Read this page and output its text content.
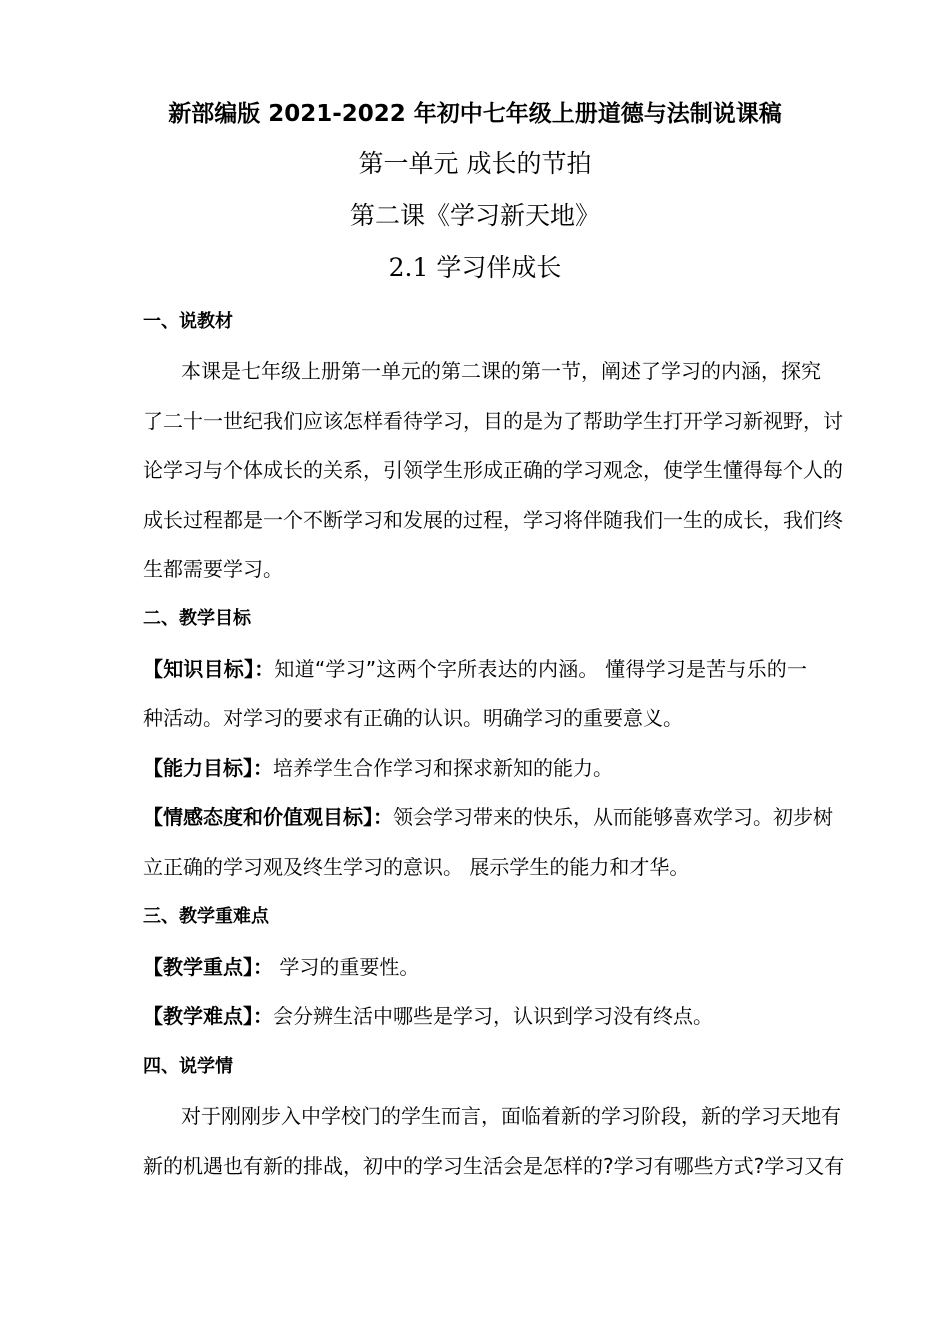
新部编版 2021-2022 年初中七年级上册道德与法制说课稿
第一单元 成长的节拍
第二课《学习新天地》
2.1 学习伴成长
一、说教材
本课是七年级上册第一单元的第二课的第一节，阐述了学习的内涵，探究
了二十一世纪我们应该怎样看待学习，目的是为了帮助学生打开学习新视野，讨
论学习与个体成长的关系，引领学生形成正确的学习观念，使学生懂得每个人的
成长过程都是一个不断学习和发展的过程，学习将伴随我们一生的成长，我们终
生都需要学习。
二、教学目标
【知识目标】：知道“学习”这两个字所表达的内涵。 懂得学习是苦与乐的一
种活动。对学习的要求有正确的认识。明确学习的重要意义。
【能力目标】：培养学生合作学习和探求新知的能力。
【情感态度和价值观目标】：领会学习带来的快乐，从而能够喜欢学习。初步树
立正确的学习观及终生学习的意识。 展示学生的能力和才华。
三、教学重难点
【教学重点】： 学习的重要性。
【教学难点】：会分辨生活中哪些是学习，认识到学习没有终点。
四、说学情
对于刚刚步入中学校门的学生而言，面临着新的学习阶段，新的学习天地有
新的机遇也有新的排战，初中的学习生活会是怎样的?学习有哪些方式?学习又有
